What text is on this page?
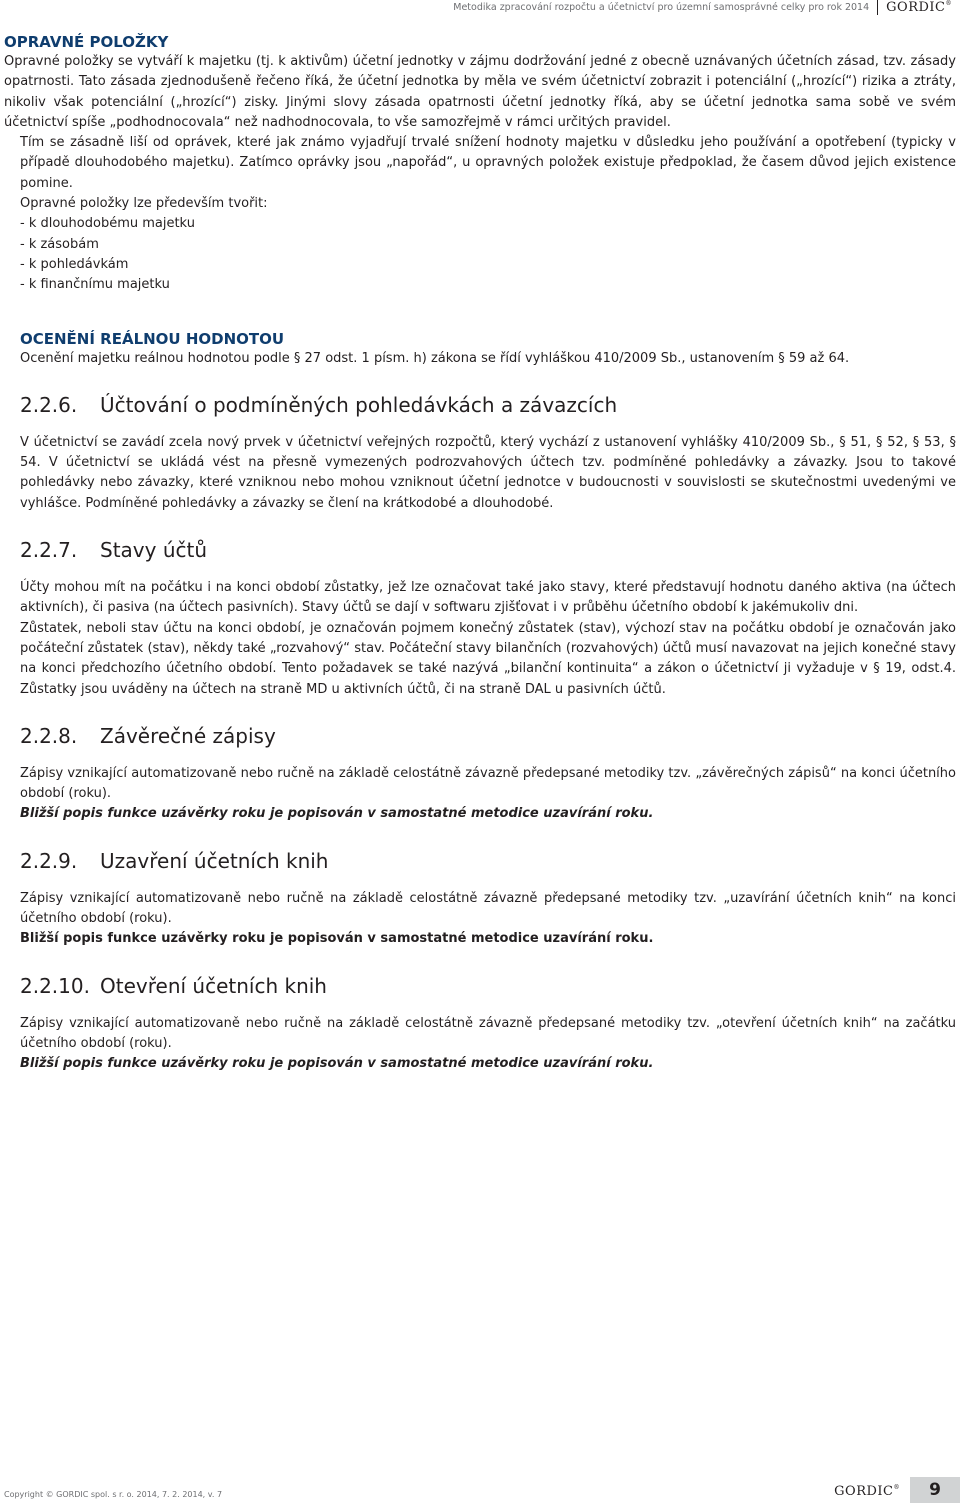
Metodika zpracování rozpočtu a účetnictví pro územní samosprávné celky pro rok 2014 GORDIC®
OPRAVNÉ POLOŽKY

Opravné položky se vytváří k majetku (tj. k aktivům) účetní jednotky v zájmu dodržování jedné z obecně uznávaných účetních zásad, tzv. zásady opatrnosti. Tato zásada zjednodušeně řečeno říká, že účetní jednotka by měla ve svém účetnictví zobrazit i potenciální („hrozící“) rizika a ztráty, nikoliv však potenciální („hrozící“) zisky. Jinými slovy zásada opatrnosti účetní jednotky říká, aby se účetní jednotka sama sobě ve svém účetnictví spíše „podhodnocovala“ než nadhodnocovala, to vše samozřejmě v rámci určitých pravidel.

Tím se zásadně liší od oprávek, které jak známo vyjadřují trvalé snížení hodnoty majetku v důsledku jeho používání a opotřebení (typicky v případě dlouhodobého majetku). Zatímco oprávky jsou „napořád“, u opravných položek existuje předpoklad, že časem důvod jejich existence pomine.

Opravné položky lze především tvořit:
- k dlouhodobému majetku
- k zásobám
- k pohledávkám
- k finančnímu majetku
OCENĚNÍ REÁLNOU HODNOTOU

Ocenění majetku reálnou hodnotou podle § 27 odst. 1 písm. h) zákona se řídí vyhláškou 410/2009 Sb., ustanovením § 59 až 64.

2.2.6.	Účtování o podmíněných pohledávkách a závazcích

V účetnictví se zavádí zcela nový prvek v účetnictví veřejných rozpočtů, který vychází z ustanovení vyhlášky 410/2009 Sb., § 51, § 52, § 53, § 54. V účetnictví se ukládá vést na přesně vymezených podrozvahových účtech tzv. podmíněné pohledávky a závazky. Jsou to takové pohledávky nebo závazky, které vzniknou nebo mohou vzniknout účetní jednotce v budoucnosti v souvislosti se skutečnostmi uvedenými ve vyhlášce. Podmíněné pohledávky a závazky se člení na krátkodobé a dlouhodobé.

2.2.7.	Stavy účtů

Účty mohou mít na počátku i na konci období zůstatky, jež lze označovat také jako stavy, které představují hodnotu daného aktiva (na účtech aktivních), či pasiva (na účtech pasivních). Stavy účtů se dají v softwaru zjišťovat i v průběhu účetního období k jakémukoliv dni.

Zůstatek, neboli stav účtu na konci období, je označován pojmem konečný zůstatek (stav), výchozí stav na počátku období je označován jako počáteční zůstatek (stav), někdy také „rozvahový“ stav. Počáteční stavy bilančních (rozvahových) účtů musí navazovat na jejich konečné stavy na konci předchozího účetního období. Tento požadavek se také nazývá „bilanční kontinuita“ a zákon o účetnictví ji vyžaduje v § 19, odst.4. Zůstatky jsou uváděny na účtech na straně MD u aktivních účtů, či na straně DAL u pasivních účtů.

2.2.8.	Závěrečné zápisy

Zápisy vznikající automatizovaně nebo ručně na základě celostátně závazně předepsané metodiky tzv. „závěrečných zápisů“ na konci účetního období (roku).

Bližší popis funkce uzávěrky roku je popisován v samostatné metodice uzavírání roku.

2.2.9.	Uzavření účetních knih

Zápisy vznikající automatizovaně nebo ručně na základě celostátně závazně předepsané metodiky tzv. „uzavírání účetních knih“ na konci účetního období (roku).

Bližší popis funkce uzávěrky roku je popisován v samostatné metodice uzavírání roku.

2.2.10. Otevření účetních knih

Zápisy vznikající automatizovaně nebo ručně na základě celostátně závazně předepsané metodiky tzv. „otevření účetních knih“ na začátku účetního období (roku).

Bližší popis funkce uzávěrky roku je popisován v samostatné metodice uzavírání roku.

Copyright © GORDIC spol. s r. o. 2014, 7. 2. 2014, v. 7	GORDIC®	9
